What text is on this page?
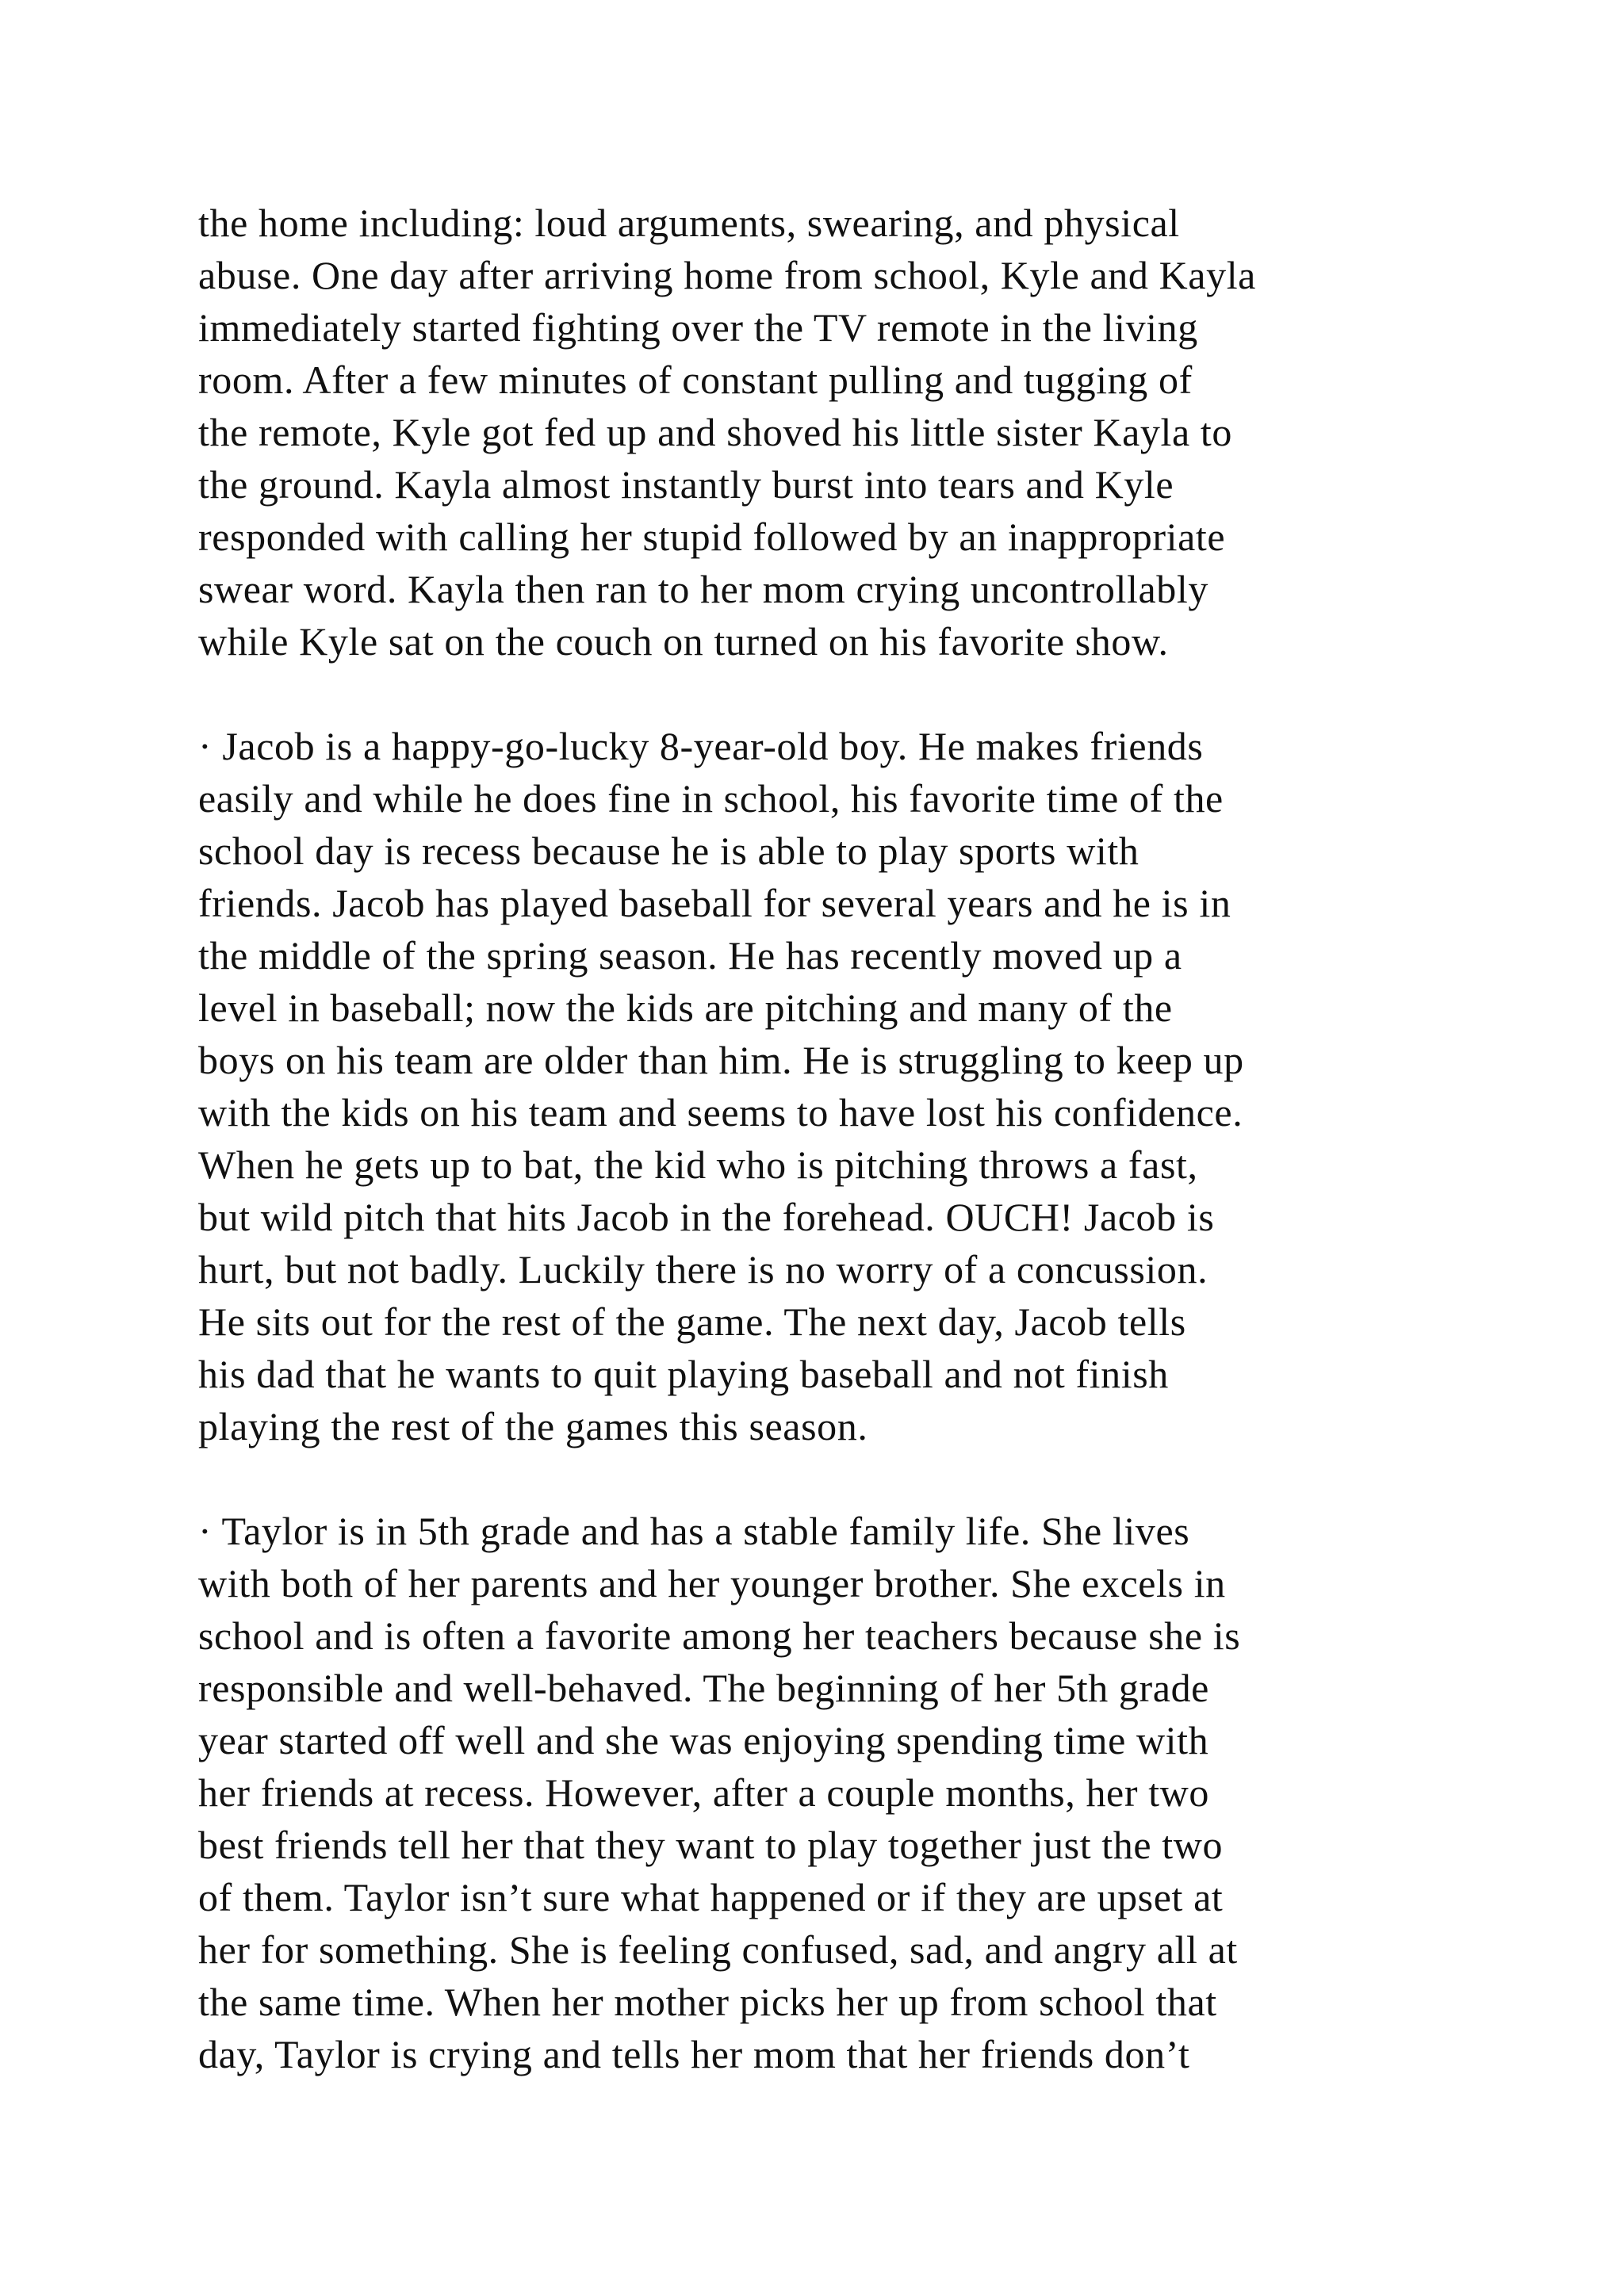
the home including: loud arguments, swearing, and physical
abuse. One day after arriving home from school, Kyle and Kayla
immediately started fighting over the TV remote in the living
room. After a few minutes of constant pulling and tugging of
the remote, Kyle got fed up and shoved his little sister Kayla to
the ground. Kayla almost instantly burst into tears and Kyle
responded with calling her stupid followed by an inappropriate
swear word. Kayla then ran to her mom crying uncontrollably
while Kyle sat on the couch on turned on his favorite show.
· Jacob is a happy-go-lucky 8-year-old boy. He makes friends
easily and while he does fine in school, his favorite time of the
school day is recess because he is able to play sports with
friends. Jacob has played baseball for several years and he is in
the middle of the spring season. He has recently moved up a
level in baseball; now the kids are pitching and many of the
boys on his team are older than him. He is struggling to keep up
with the kids on his team and seems to have lost his confidence.
When he gets up to bat, the kid who is pitching throws a fast,
but wild pitch that hits Jacob in the forehead. OUCH! Jacob is
hurt, but not badly. Luckily there is no worry of a concussion.
He sits out for the rest of the game. The next day, Jacob tells
his dad that he wants to quit playing baseball and not finish
playing the rest of the games this season.
· Taylor is in 5th grade and has a stable family life. She lives
with both of her parents and her younger brother. She excels in
school and is often a favorite among her teachers because she is
responsible and well-behaved. The beginning of her 5th grade
year started off well and she was enjoying spending time with
her friends at recess. However, after a couple months, her two
best friends tell her that they want to play together just the two
of them. Taylor isn’t sure what happened or if they are upset at
her for something. She is feeling confused, sad, and angry all at
the same time. When her mother picks her up from school that
day, Taylor is crying and tells her mom that her friends don’t
